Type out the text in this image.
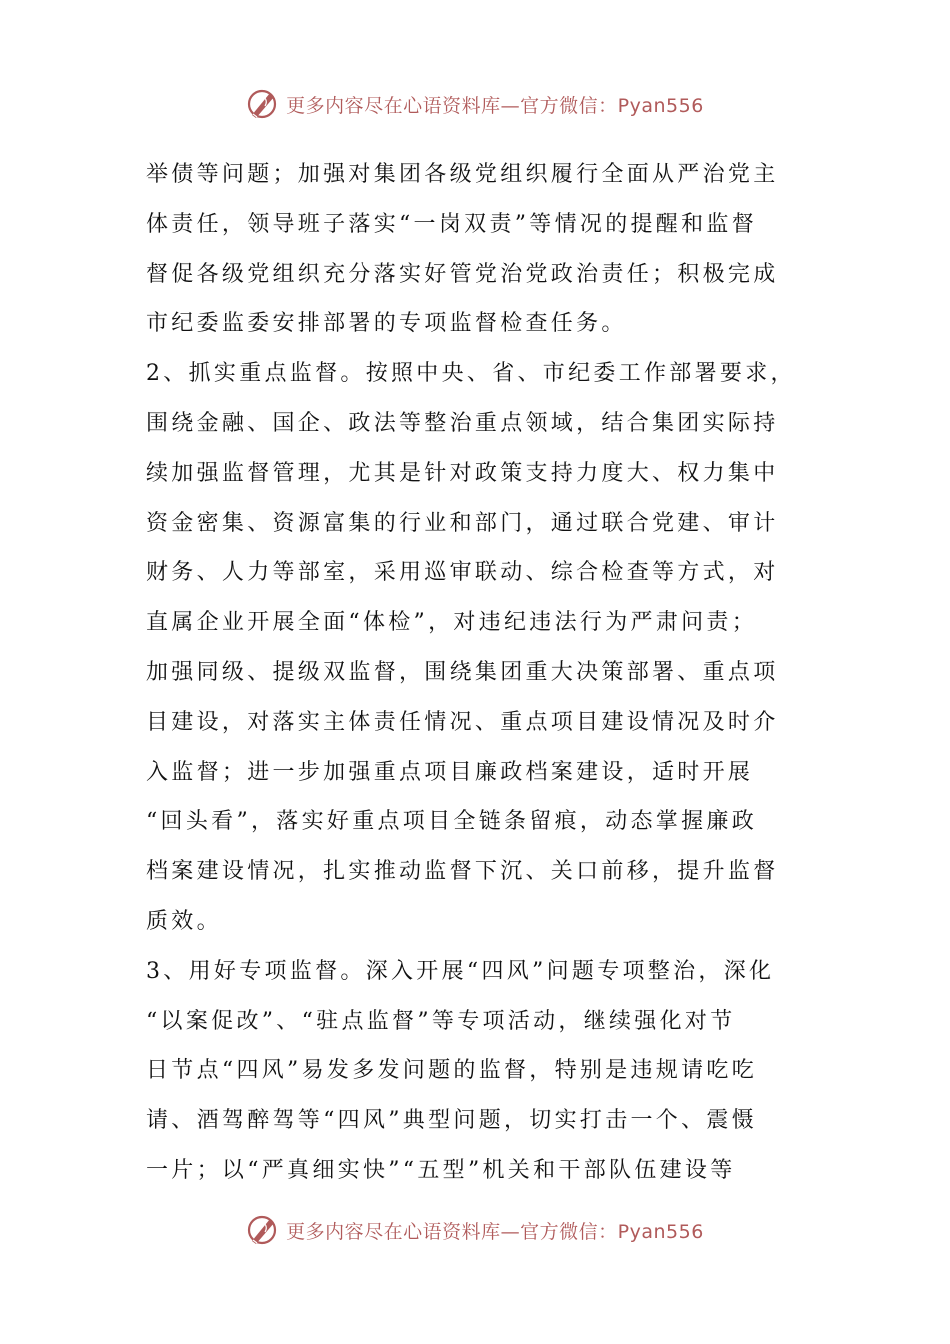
更多内容尽在心语资料库—官方微信：Pyan556
举债等问题；加强对集团各级党组织履行全面从严治党主
体责任，领导班子落实“一岗双责”等情况的提醒和监督
督促各级党组织充分落实好管党治党政治责任；积极完成
市纪委监委安排部署的专项监督检查任务。
2、抓实重点监督。按照中央、省、市纪委工作部署要求，
围绕金融、国企、政法等整治重点领域，结合集团实际持
续加强监督管理，尤其是针对政策支持力度大、权力集中
资金密集、资源富集的行业和部门，通过联合党建、审计
财务、人力等部室，采用巡审联动、综合检查等方式，对
直属企业开展全面“体检”，对违纪违法行为严肃问责；
加强同级、提级双监督，围绕集团重大决策部署、重点项
目建设，对落实主体责任情况、重点项目建设情况及时介
入监督；进一步加强重点项目廉政档案建设，适时开展
“回头看”，落实好重点项目全链条留痕，动态掌握廉政
档案建设情况，扎实推动监督下沉、关口前移，提升监督
质效。
3、用好专项监督。深入开展“四风”问题专项整治，深化
“以案促改”、“驻点监督”等专项活动，继续强化对节
日节点“四风”易发多发问题的监督，特别是违规请吃吃
请、酒驾醉驾等“四风”典型问题，切实打击一个、震慑
一片；以“严真细实快”“五型”机关和干部队伍建设等
更多内容尽在心语资料库—官方微信：Pyan556
